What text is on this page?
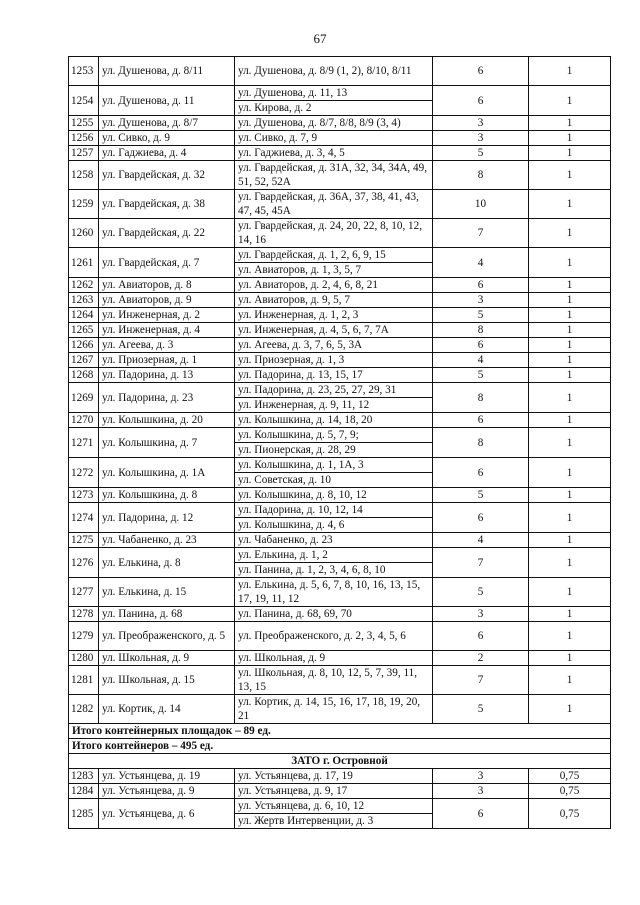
67
1253	ул. Душенова, д. 8/11	ул. Душенова, д. 8/9 (1, 2), 8/10, 8/11	6	1
1254	ул. Душенова, д. 11	ул. Душенова, д. 11, 13	6	1
		ул. Кирова, д. 2		
1255	ул. Душенова, д. 8/7	ул. Душенова, д. 8/7, 8/8, 8/9 (3, 4)	3	1
1256	ул. Сивко, д. 9	ул. Сивко, д. 7, 9	3	1
1257	ул. Гаджиева, д. 4	ул. Гаджиева, д. 3, 4, 5	5	1
1258	ул. Гвардейская, д. 32	ул. Гвардейская, д. 31А, 32, 34, 34А, 49, 51, 52, 52А	8	1
1259	ул. Гвардейская, д. 38	ул. Гвардейская, д. 36А, 37, 38, 41, 43, 47, 45, 45А	10	1
1260	ул. Гвардейская, д. 22	ул. Гвардейская, д. 24, 20, 22, 8, 10, 12, 14, 16	7	1
1261	ул. Гвардейская, д. 7	ул. Гвардейская, д. 1, 2, 6, 9, 15	4	1
		ул. Авиаторов, д. 1, 3, 5, 7		
1262	ул. Авиаторов, д. 8	ул. Авиаторов, д. 2, 4, 6, 8, 21	6	1
1263	ул. Авиаторов, д. 9	ул. Авиаторов, д. 9, 5, 7	3	1
1264	ул. Инженерная, д. 2	ул. Инженерная, д. 1, 2, 3	5	1
1265	ул. Инженерная, д. 4	ул. Инженерная, д. 4, 5, 6, 7, 7А	8	1
1266	ул. Агеева, д. 3	ул. Агеева, д. 3, 7, 6, 5, 3А	6	1
1267	ул. Приозерная, д. 1	ул. Приозерная, д. 1, 3	4	1
1268	ул. Падорина, д. 13	ул. Падорина, д. 13, 15, 17	5	1
1269	ул. Падорина, д. 23	ул. Падорина, д. 23, 25, 27, 29, 31	8	1
		ул. Инженерная, д. 9, 11, 12		
1270	ул. Колышкина, д. 20	ул. Колышкина, д. 14, 18, 20	6	1
1271	ул. Колышкина, д. 7	ул. Колышкина, д. 5, 7, 9;	8	1
		ул. Пионерская, д. 28, 29		
1272	ул. Колышкина, д. 1А	ул. Колышкина, д. 1, 1А, 3	6	1
		ул. Советская, д. 10		
1273	ул. Колышкина, д. 8	ул. Колышкина, д. 8, 10, 12	5	1
1274	ул. Падорина, д. 12	ул. Падорина, д. 10, 12, 14	6	1
		ул. Колышкина, д. 4, 6		
1275	ул. Чабаненко, д. 23	ул. Чабаненко, д. 23	4	1
1276	ул. Елькина, д. 8	ул. Елькина, д. 1, 2	7	1
		ул. Панина, д. 1, 2, 3, 4, 6, 8, 10		
1277	ул. Елькина, д. 15	ул. Елькина, д. 5, 6, 7, 8, 10, 16, 13, 15, 17, 19, 11, 12	5	1
1278	ул. Панина, д. 68	ул. Панина, д. 68, 69, 70	3	1
1279	ул. Преображенского, д. 5	ул. Преображенского, д. 2, 3, 4, 5, 6	6	1
1280	ул. Школьная, д. 9	ул. Школьная, д. 9	2	1
1281	ул. Школьная, д. 15	ул. Школьная, д. 8, 10, 12, 5, 7, 39, 11, 13, 15	7	1
1282	ул. Кортик, д. 14	ул. Кортик, д. 14, 15, 16, 17, 18, 19, 20, 21	5	1
Итого контейнерных площадок – 89 ед.				
Итого контейнеров – 495 ед.				
ЗАТО г. Островной				
1283	ул. Устьянцева, д. 19	ул. Устьянцева, д. 17, 19	3	0,75
1284	ул. Устьянцева, д. 9	ул. Устьянцева, д. 9, 17	3	0,75
1285	ул. Устьянцева, д. 6	ул. Устьянцева, д. 6, 10, 12	6	0,75
		ул. Жертв Интервенции, д. 3		
